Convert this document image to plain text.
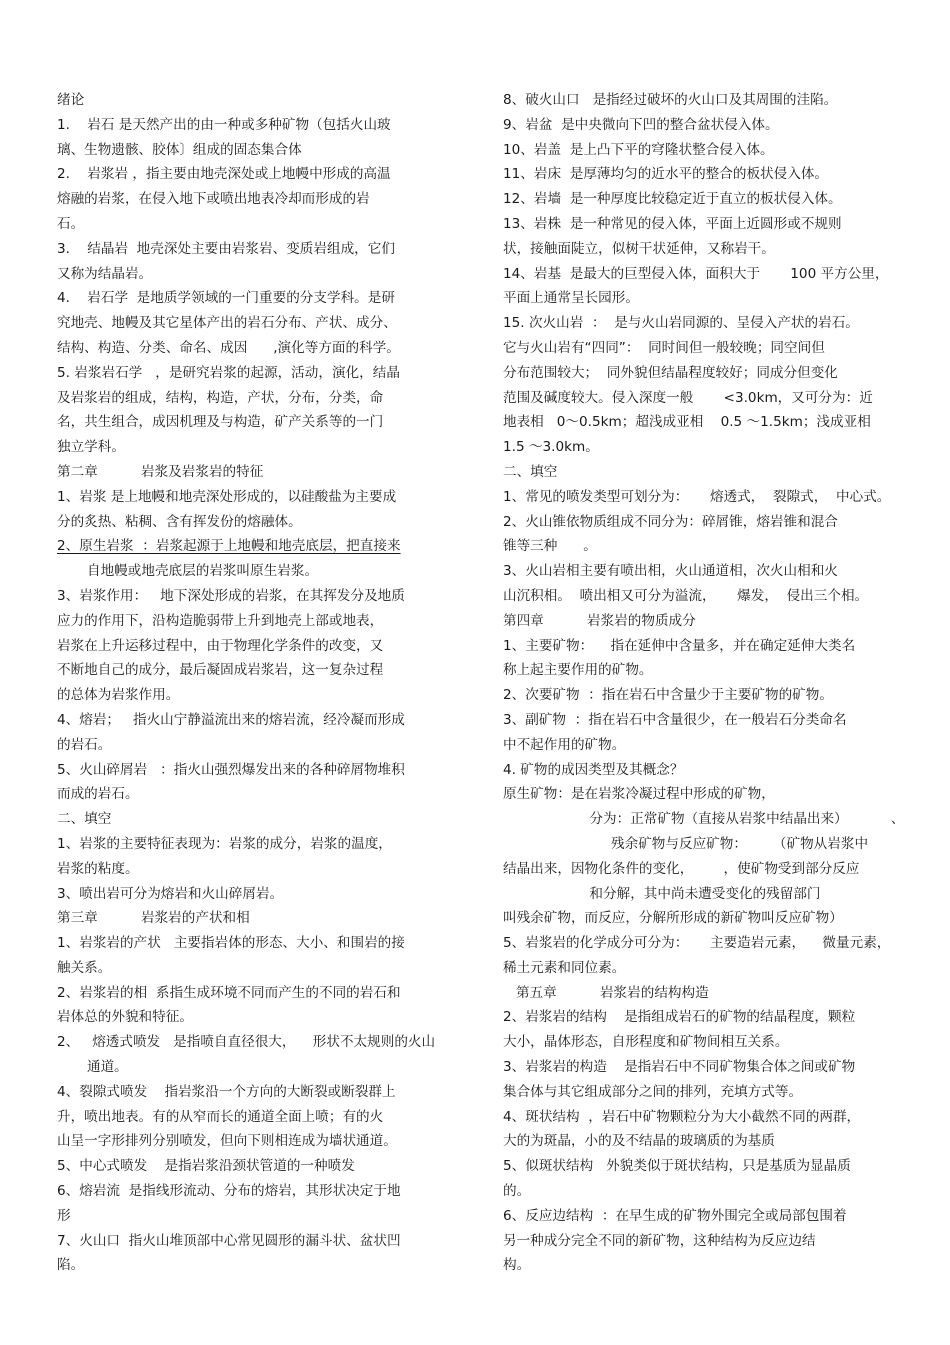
绪论
1.    岩石 是天然产出的由一种或多种矿物（包括火山玻
璃、生物遗骸、胶体〕组成的固态集合体
2.    岩浆岩 ，指主要由地壳深处或上地幔中形成的高温
熔融的岩浆，在侵入地下或喷出地表冷却而形成的岩
石。
3.    结晶岩  地壳深处主要由岩浆岩、变质岩组成，它们
又称为结晶岩。
4.    岩石学  是地质学领域的一门重要的分支学科。是研
究地壳、地幔及其它星体产出的岩石分布、产状、成分、
结构、构造、分类、命名、成因      ,演化等方面的科学。
5. 岩浆岩石学   ，是研究岩浆的起源，活动，演化，结晶
及岩浆岩的组成，结构，构造，产状，分布，分类，命
名，共生组合，成因机理及与构造，矿产关系等的一门
独立学科。
第二章          岩浆及岩浆岩的特征
1、岩浆 是上地幔和地壳深处形成的，以硅酸盐为主要成
分的炙热、粘稠、含有挥发份的熔融体。
2、原生岩浆  ：岩浆起源于上地幔和地壳底层，把直接来
自地幔或地壳底层的岩浆叫原生岩浆。
3、岩浆作用：   地下深处形成的岩浆，在其挥发分及地质
应力的作用下，沿构造脆弱带上升到地壳上部或地表，
岩浆在上升运移过程中，由于物理化学条件的改变，又
不断地自己的成分，最后凝固成岩浆岩，这一复杂过程
的总体为岩浆作用。
4、熔岩；   指火山宁静溢流出来的熔岩流，经冷凝而形成
的岩石。
5、火山碎屑岩   ：指火山强烈爆发出来的各种碎屑物堆积
而成的岩石。
二、填空
1、岩浆的主要特征表现为：岩浆的成分，岩浆的温度，
岩浆的粘度。
3、喷出岩可分为熔岩和火山碎屑岩。
第三章          岩浆岩的产状和相
1、岩浆岩的产状   主要指岩体的形态、大小、和围岩的接
触关系。
2、岩浆岩的相  系指生成环境不同而产生的不同的岩石和
岩体总的外貌和特征。
2、   熔透式喷发   是指喷自直径很大，    形状不太规则的火山
通道。
4、裂隙式喷发    指岩浆沿一个方向的大断裂或断裂群上
升，喷出地表。有的从窄而长的通道全面上喷；有的火
山呈一字形排列分别喷发，但向下则相连成为墙状通道。
5、中心式喷发    是指岩浆沿颈状管道的一种喷发
6、熔岩流  是指线形流动、分布的熔岩，其形状决定于地
形
7、火山口  指火山堆顶部中心常见圆形的漏斗状、盆状凹
陷。
8、破火山口   是指经过破坏的火山口及其周围的洼陷。
9、岩盆  是中央微向下凹的整合盆状侵入体。
10、岩盖  是上凸下平的穹隆状整合侵入体。
11、岩床  是厚薄均匀的近水平的整合的板状侵入体。
12、岩墙  是一种厚度比较稳定近于直立的板状侵入体。
13、岩株  是一种常见的侵入体，平面上近圆形或不规则
状，接触面陡立，似树干状延伸，又称岩干。
14、岩基  是最大的巨型侵入体，面积大于       100 平方公里，
平面上通常呈长园形。
15. 次火山岩  ：  是与火山岩同源的、呈侵入产状的岩石。
它与火山岩有“四同”：  同时间但一般较晚；同空间但
分布范围较大；  同外貌但结晶程度较好；同成分但变化
范围及碱度较大。侵入深度一般       <3.0km，又可分为：近
地表相   0～0.5km；超浅成亚相    0.5 ～1.5km；浅成亚相
1.5 ～3.0km。
二、填空
1、常见的喷发类型可划分为：     熔透式，  裂隙式，  中心式。
2、火山锥依物质组成不同分为：碎屑锥，熔岩锥和混合
锥等三种      。
3、火山岩相主要有喷出相，火山通道相，次火山相和火
山沉积相。  喷出相又可分为溢流，     爆发，  侵出三个相。
第四章          岩浆岩的物质成分
1、主要矿物：    指在延伸中含量多，并在确定延伸大类名
称上起主要作用的矿物。
2、次要矿物  ：指在岩石中含量少于主要矿物的矿物。
3、副矿物  ：指在岩石中含量很少，在一般岩石分类命名
中不起作用的矿物。
4. 矿物的成因类型及其概念？
原生矿物：是在岩浆冷凝过程中形成的矿物，
分为：正常矿物（直接从岩浆中结晶出来）          、
残余矿物与反应矿物：      （矿物从岩浆中
结晶出来，因物化条件的变化，       ，使矿物受到部分反应
和分解，其中尚未遭受变化的残留部门
叫残余矿物，而反应，分解所形成的新矿物叫反应矿物）
5、岩浆岩的化学成分可分为：     主要造岩元素，    微量元素，
稀土元素和同位素。
第五章          岩浆岩的结构构造
2、岩浆岩的结构    是指组成岩石的矿物的结晶程度，颗粒
大小，晶体形态，自形程度和矿物间相互关系。
3、岩浆岩的构造    是指岩石中不同矿物集合体之间或矿物
集合体与其它组成部分之间的排列，充填方式等。
4、斑状结构  ，岩石中矿物颗粒分为大小截然不同的两群，
大的为斑晶，小的及不结晶的玻璃质的为基质
5、似斑状结构   外貌类似于斑状结构，只是基质为显晶质
的。
6、反应边结构  ：在早生成的矿物外围完全或局部包围着
另一种成分完全不同的新矿物，这种结构为反应边结
构。
